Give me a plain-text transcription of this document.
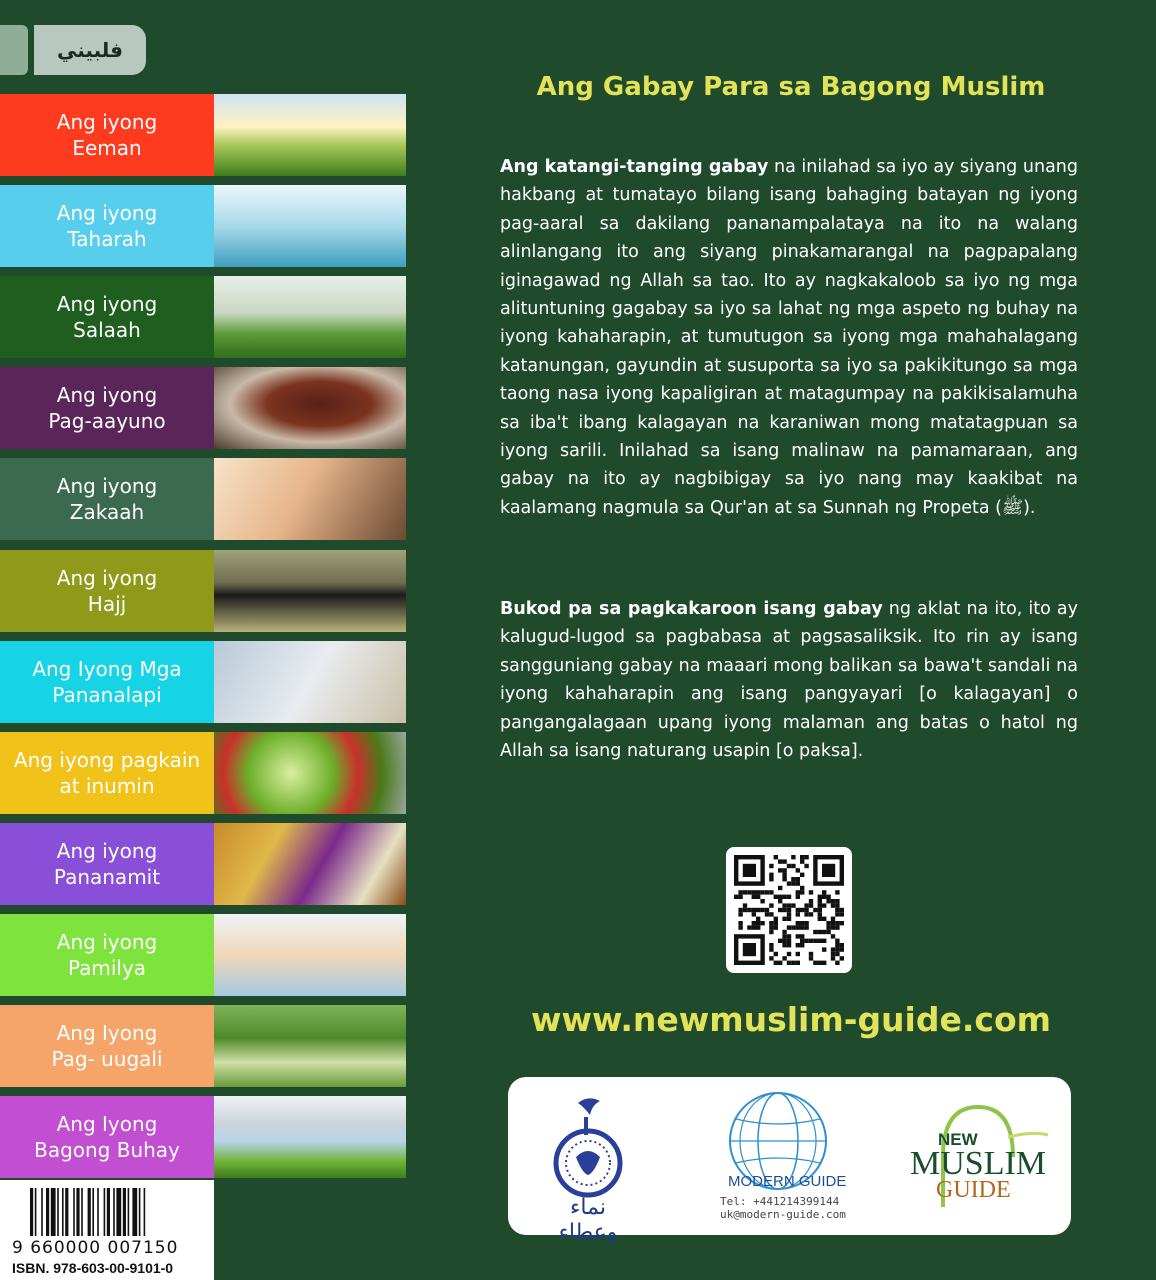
فلبيني
Ang iyong
Eeman
Ang iyong
Taharah
Ang iyong
Salaah
Ang iyong
Pag-aayuno
Ang iyong
Zakaah
Ang iyong
Hajj
Ang Iyong Mga
Pananalapi
Ang iyong pagkain
at inumin
Ang iyong
Pananamit
Ang iyong
Pamilya
Ang Iyong
Pag- uugali
Ang Iyong
Bagong Buhay
9 660000 007150
ISBN. 978-603-00-9101-0
Ang Gabay Para sa Bagong Muslim

Ang katangi-tanging gabay na inilahad sa iyo ay siyang unang hakbang at tumatayo bilang isang bahaging batayan ng iyong pag-aaral sa dakilang pananampalataya na ito na walang alinlangang ito ang siyang pinakamarangal na pagpapalang iginagawad ng Allah sa tao. Ito ay nagkakaloob sa iyo ng mga alituntuning gagabay sa iyo sa lahat ng mga aspeto ng buhay na iyong kahaharapin, at tumutugon sa iyong mga mahahalagang katanungan, gayundin at susuporta sa iyo sa pakikitungo sa mga taong nasa iyong kapaligiran at matagumpay na pakikisalamuha sa iba't ibang kalagayan na karaniwan mong matatagpuan sa iyong sarili. Inilahad sa isang malinaw na pamamaraan, ang gabay na ito ay nagbibigay sa iyo nang may kaakibat na kaalamang nagmula sa Qur'an at sa Sunnah ng Propeta (ﷺ).

Bukod pa sa pagkakaroon isang gabay ng aklat na ito, ito ay kalugud-lugod sa pagbabasa at pagsasaliksik. Ito rin ay isang sangguniang gabay na maaari mong balikan sa bawa't sandali na iyong kahaharapin ang isang pangyayari [o kalagayan] o pangangalagaan upang iyong malaman ang batas o hatol ng Allah sa isang naturang usapin [o paksa].

www.newmuslim-guide.com
نماء وعطاء
MODERN GUIDE
Tel: +441214399144
uk@modern-guide.com
NEW
MUSLIM
GUIDE
